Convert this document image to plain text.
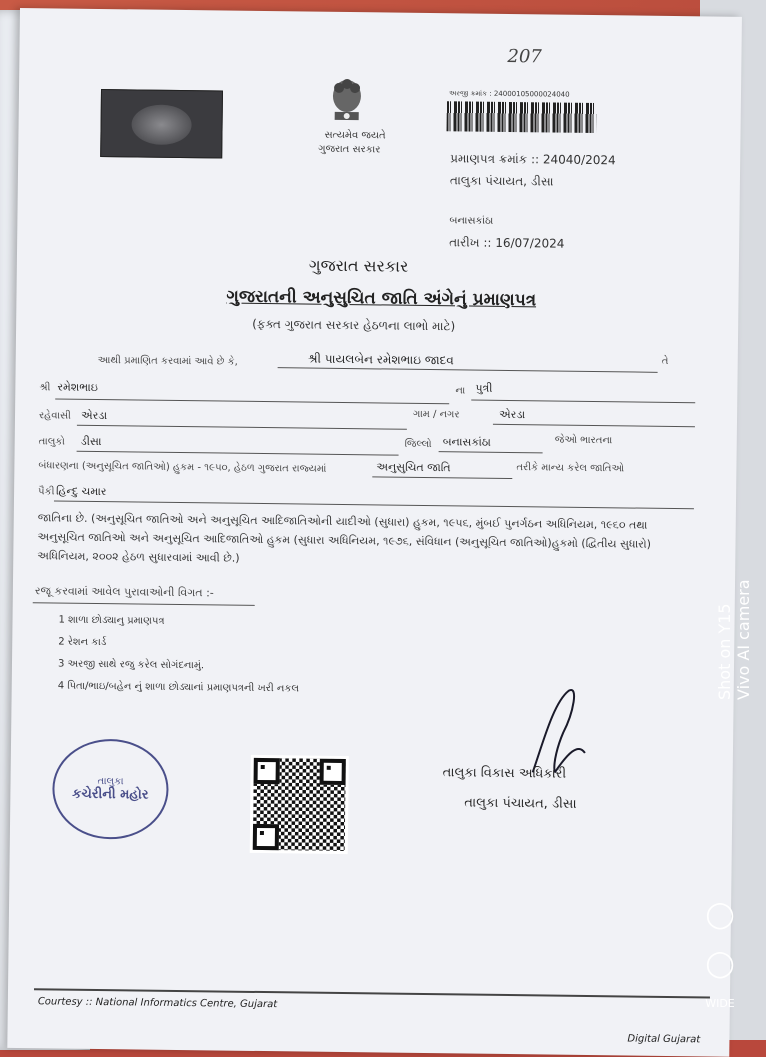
207
સત્યમેવ જયતે
ગુજરાત સરકાર
અરજી ક્રમાંક : 24000105000024040
પ્રમાણપત્ર ક્રમાંક :: 24040/2024
તાલુકા પંચાયત, ડીસા
બનાસકાંઠા
તારીખ :: 16/07/2024
ગુજરાત સરકાર
ગુજરાતની અનુસુચિત જાતિ અંગેનું પ્રમાણપત્ર
(ફક્ત ગુજરાત સરકાર હેઠળના લાભો માટે)
આથી પ્રમાણિત કરવામાં આવે છે કે,	શ્રી પાયલબેન રમેશભાઇ જાદવ	તે
શ્રી રમેશભાઇ	ના પુત્રી
રહેવાસી એરડા	ગામ / નગર	એરડા
તાલુકો ડીસા	જિલ્લો બનાસકાંઠા	જેઓ ભારતના
બંધારણના (અનુસૂચિત જાતિઓ) હુકમ - ૧૯૫૦, હેઠળ ગુજરાત રાજ્યમાં	અનુસુચિત જાતિ	તરીકે માન્ય કરેલ જાતિઓ
પૈકી હિન્દુ ચમાર
જાતિના છે. (અનુસૂચિત જાતિઓ અને અનુસૂચિત આદિજાતિઓની યાદીઓ (સુધારા) હુકમ, ૧૯૫૬, મુંબઈ પુનર્ગઠન અધિનિયમ, ૧૯૬૦ તથા અનુસૂચિત જાતિઓ અને અનુસૂચિત આદિજાતિઓ હુકમ (સુધારા અધિનિયમ, ૧૯૭૬, સંવિધાન (અનુસૂચિત જાતિઓ)હુકમો (દ્વિતીય સુધારો) અધિનિયમ, ૨૦૦૨ હેઠળ સુધારવામાં આવી છે.)
રજૂ કરવામાં આવેલ પુરાવાઓની વિગત :-
1 શાળા છોડ્યાનુ પ્રમાણપત્ર
2 રેશન કાર્ડ
3 અરજી સાથે રજુ કરેલ સોગંદનામું.
4 પિતા/ભાઇ/બહેન નું શાળા છોડ્યાનાં પ્રમાણપત્રની ખરી નકલ
તાલુકા
કચેરીની મહોર
તાલુકા વિકાસ અધિકારી
તાલુકા પંચાયત, ડીસા
Courtesy :: National Informatics Centre, Gujarat
Digital Gujarat
Shot on Y15 Vivo AI camera
◯
◯
WIDE
